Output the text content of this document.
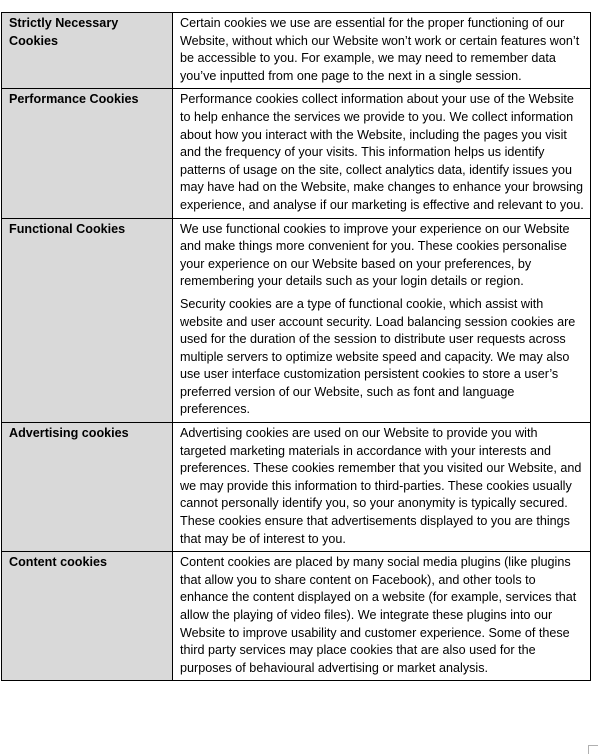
Strictly Necessary Cookies	Certain cookies we use are essential for the proper functioning of our Website, without which our Website won’t work or certain features won’t be accessible to you. For example, we may need to remember data you’ve inputted from one page to the next in a single session.

Performance Cookies	Performance cookies collect information about your use of the Website to help enhance the services we provide to you. We collect information about how you interact with the Website, including the pages you visit and the frequency of your visits. This information helps us identify patterns of usage on the site, collect analytics data, identify issues you may have had on the Website, make changes to enhance your browsing experience, and analyse if our marketing is effective and relevant to you.

Functional Cookies	We use functional cookies to improve your experience on our Website and make things more convenient for you. These cookies personalise your experience on our Website based on your preferences, by remembering your details such as your login details or region.
Security cookies are a type of functional cookie, which assist with website and user account security. Load balancing session cookies are used for the duration of the session to distribute user requests across multiple servers to optimize website speed and capacity. We may also use user interface customization persistent cookies to store a user’s preferred version of our Website, such as font and language preferences.

Advertising cookies	Advertising cookies are used on our Website to provide you with targeted marketing materials in accordance with your interests and preferences. These cookies remember that you visited our Website, and we may provide this information to third-parties. These cookies usually cannot personally identify you, so your anonymity is typically secured. These cookies ensure that advertisements displayed to you are things that may be of interest to you.

Content cookies	Content cookies are placed by many social media plugins (like plugins that allow you to share content on Facebook), and other tools to enhance the content displayed on a website (for example, services that allow the playing of video files). We integrate these plugins into our Website to improve usability and customer experience. Some of these third party services may place cookies that are also used for the purposes of behavioural advertising or market analysis.
